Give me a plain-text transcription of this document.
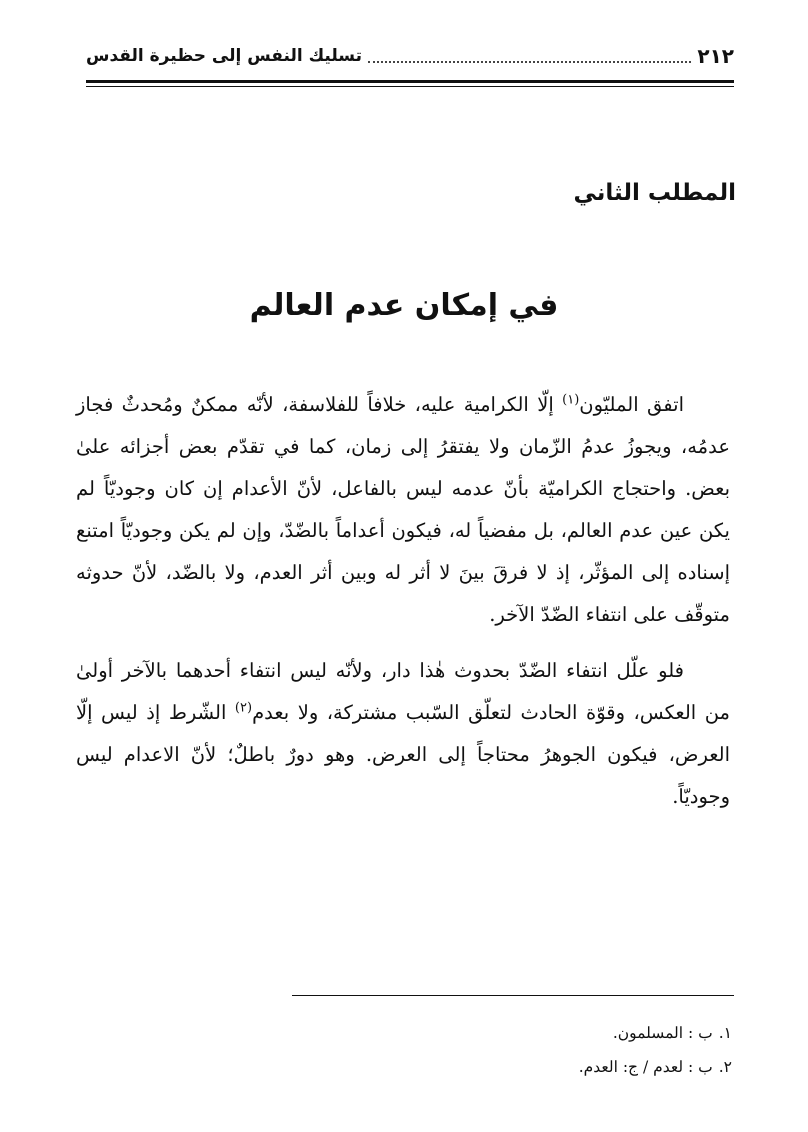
٢١٢
تسليك النفس إلى حظيرة القدس
المطلب الثاني
في إمكان عدم العالم

اتفق المليّون$^{(١)}$ إلّا الكرامية عليه، خلافاً للفلاسفة، لأنّه ممكنٌ ومُحدثٌ فجاز عدمُه، ويجوزُ عدمُ الزّمان ولا يفتقرُ إلى زمان، كما في تقدّم بعض أجزائه علىٰ بعض. واحتجاج الكراميّة بأنّ عدمه ليس بالفاعل، لأنّ الأعدام إن كان وجوديّاً لم يكن عين عدم العالم، بل مفضياً له، فيكون أعداماً بالضّدّ، وإن لم يكن وجوديّاً امتنع إسناده إلى المؤثّر، إذ لا فرقَ بينَ لا أثر له وبين أثر العدم، ولا بالضّد، لأنّ حدوثه متوقّف على انتفاء الضّدّ الآخر.

فلو علّل انتفاء الضّدّ بحدوث هٰذا دار، ولأنّه ليس انتفاء أحدهما بالآخر أولىٰ من العكس، وقوّة الحادث لتعلّق السّبب مشتركة، ولا بعدم$^{(٢)}$ الشّرط إذ ليس إلّا العرض، فيكون الجوهرُ محتاجاً إلى العرض. وهو دورٌ باطلٌ؛ لأنّ الاعدام ليس وجوديّاً.

١.
ب : المسلمون.
٢.
ب : لعدم / ج: العدم.
